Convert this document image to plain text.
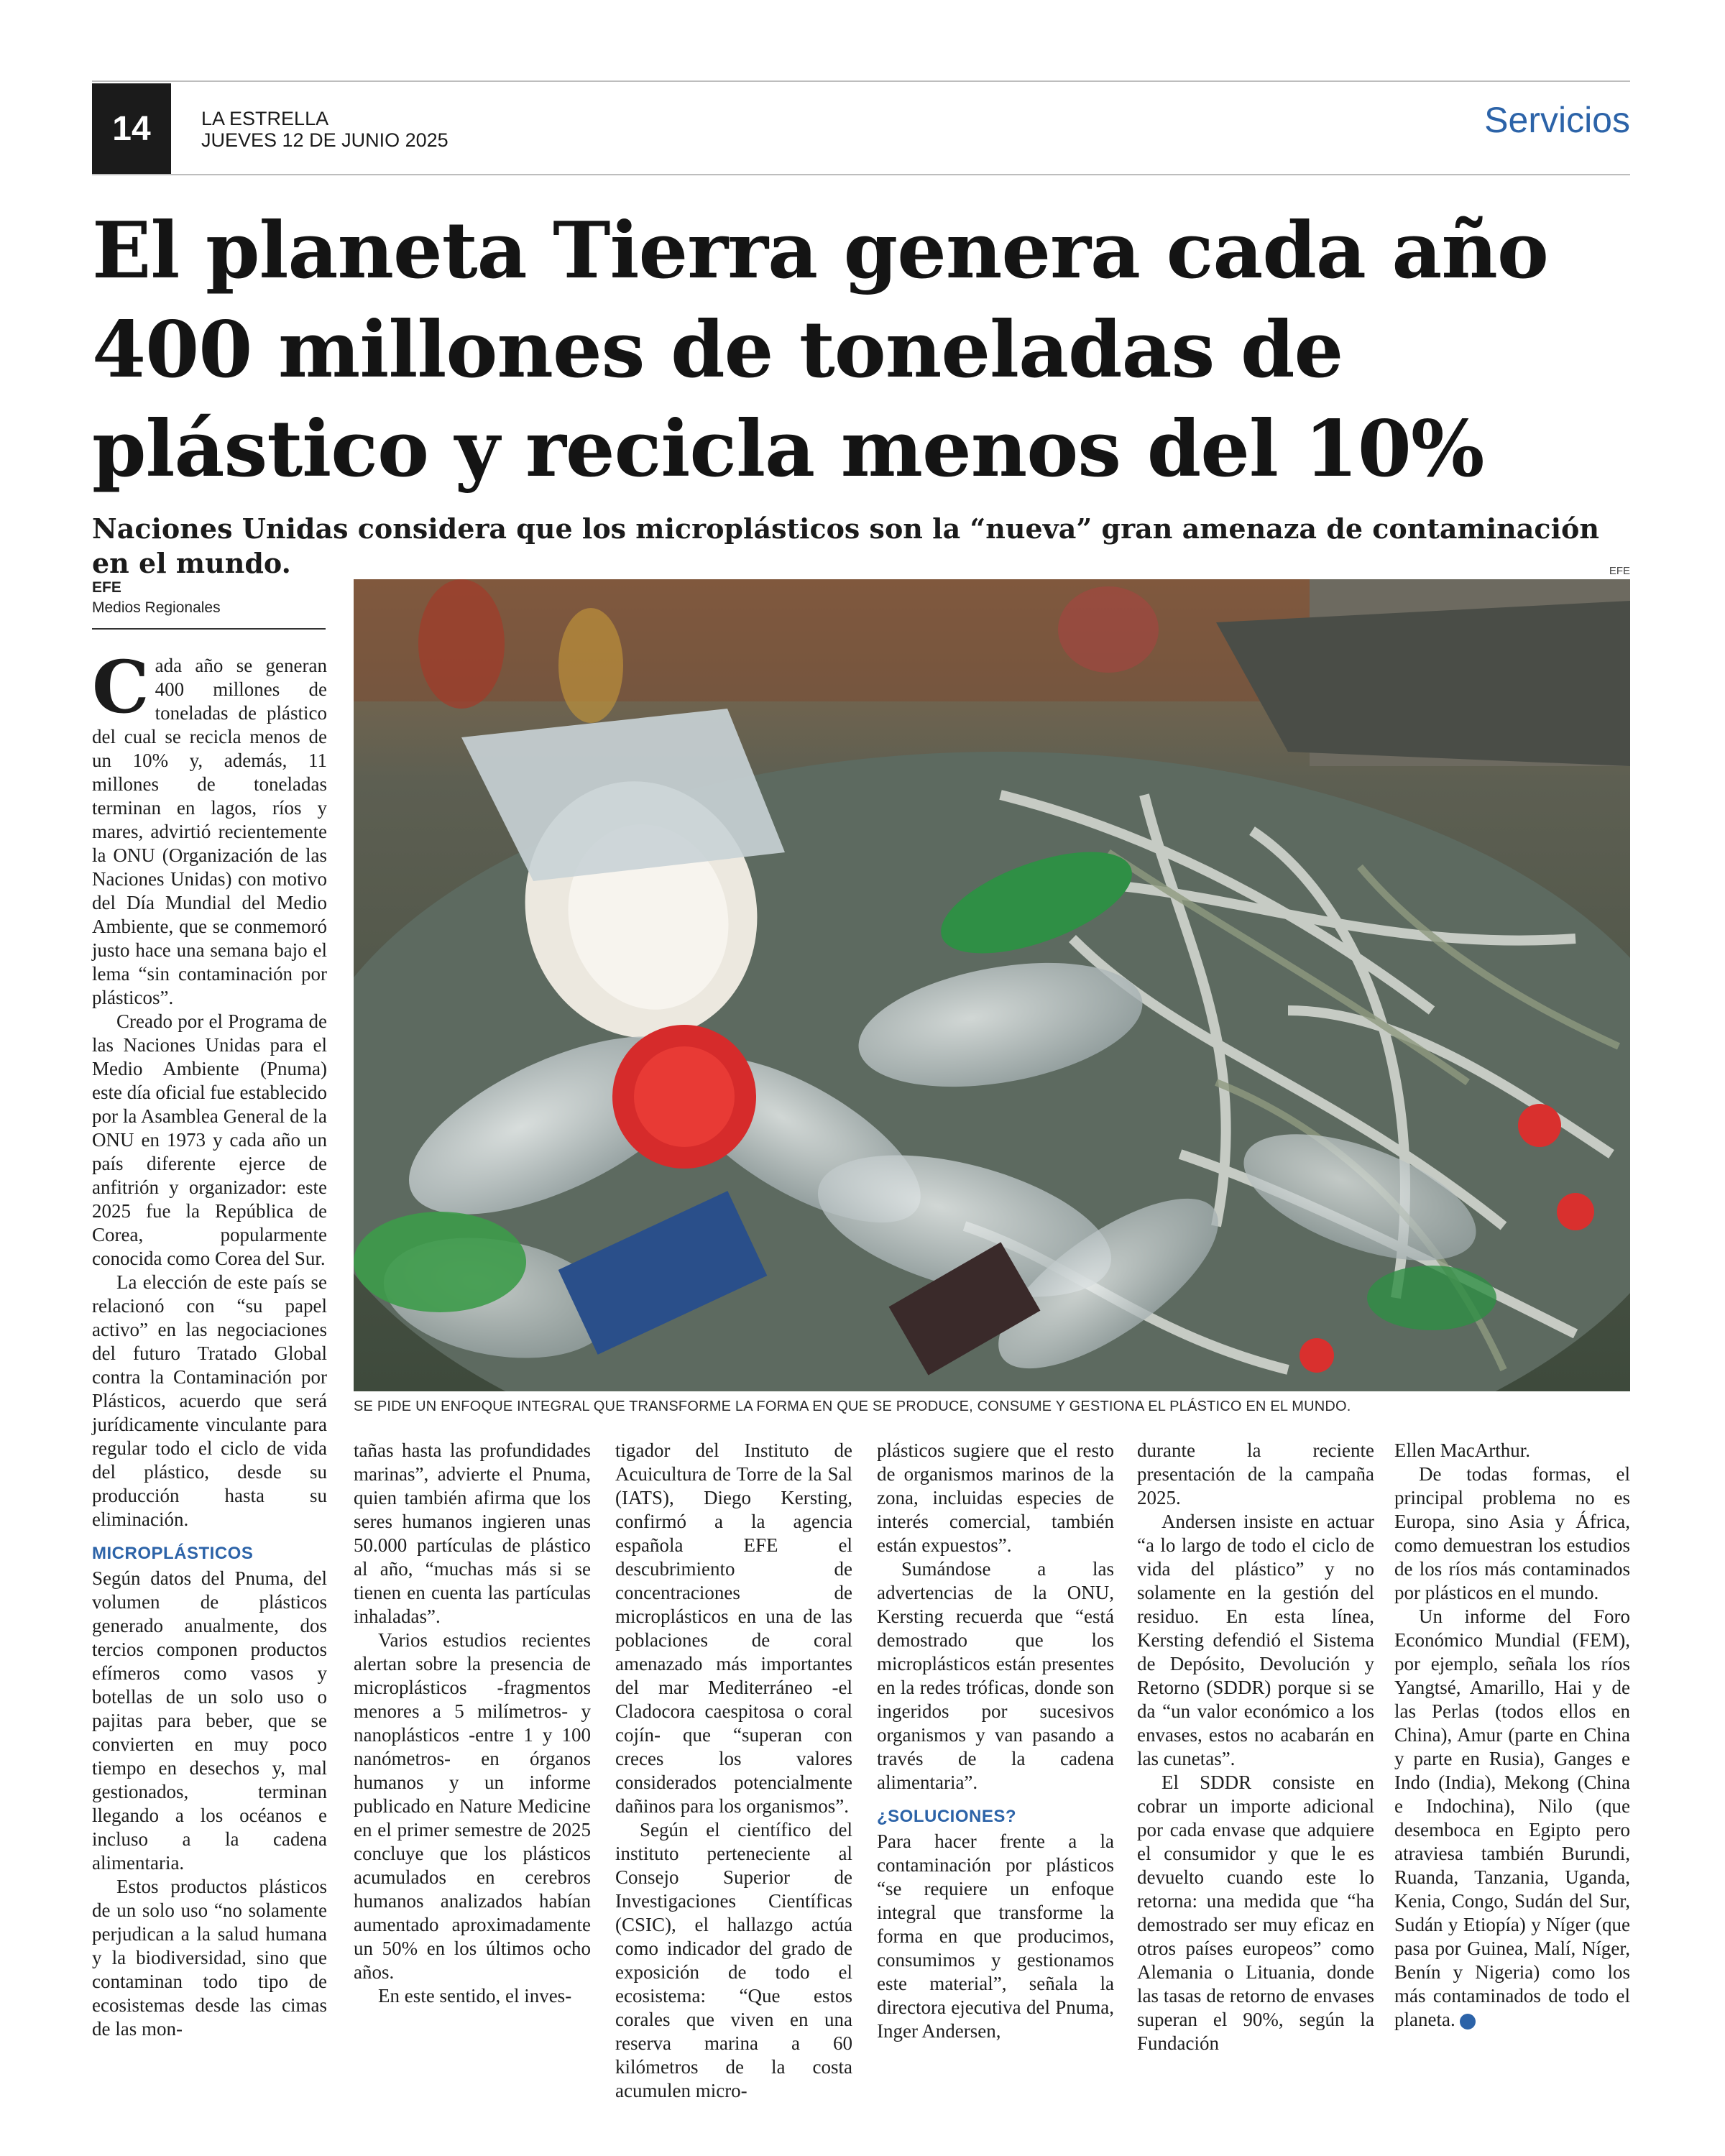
14	LA ESTRELLA
JUEVES 12 DE JUNIO 2025	Servicios
El planeta Tierra genera cada año 400 millones de toneladas de plástico y recicla menos del 10%
Naciones Unidas considera que los microplásticos son la “nueva” gran amenaza de contaminación en el mundo.
EFE
Medios Regionales
EFE
SE PIDE UN ENFOQUE INTEGRAL QUE TRANSFORME LA FORMA EN QUE SE PRODUCE, CONSUME Y GESTIONA EL PLÁSTICO EN EL MUNDO.

Cada año se generan 400 millones de toneladas de plástico del cual se recicla menos de un 10% y, además, 11 millones de toneladas terminan en lagos, ríos y mares, advirtió recientemente la ONU (Organización de las Naciones Unidas) con motivo del Día Mundial del Medio Ambiente, que se conmemoró justo hace una semana bajo el lema “sin contaminación por plásticos”.

Creado por el Programa de las Naciones Unidas para el Medio Ambiente (Pnuma) este día oficial fue establecido por la Asamblea General de la ONU en 1973 y cada año un país diferente ejerce de anfitrión y organizador: este 2025 fue la República de Corea, popularmente conocida como Corea del Sur.

La elección de este país se relacionó con “su papel activo” en las negociaciones del futuro Tratado Global contra la Contaminación por Plásticos, acuerdo que será jurídicamente vinculante para regular todo el ciclo de vida del plástico, desde su producción hasta su eliminación.

MICROPLÁSTICOS

Según datos del Pnuma, del volumen de plásticos generado anualmente, dos tercios componen productos efímeros como vasos y botellas de un solo uso o pajitas para beber, que se convierten en muy poco tiempo en desechos y, mal gestionados, terminan llegando a los océanos e incluso a la cadena alimentaria.

Estos productos plásticos de un solo uso “no solamente perjudican a la salud humana y la biodiversidad, sino que contaminan todo tipo de ecosistemas desde las cimas de las mon-

tañas hasta las profundidades marinas”, advierte el Pnuma, quien también afirma que los seres humanos ingieren unas 50.000 partículas de plástico al año, “muchas más si se tienen en cuenta las partículas inhaladas”.

Varios estudios recientes alertan sobre la presencia de microplásticos -fragmentos menores a 5 milímetros- y nanoplásticos -entre 1 y 100 nanómetros- en órganos humanos y un informe publicado en Nature Medicine en el primer semestre de 2025 concluye que los plásticos acumulados en cerebros humanos analizados habían aumentado aproximadamente un 50% en los últimos ocho años.

En este sentido, el inves-

tigador del Instituto de Acuicultura de Torre de la Sal (IATS), Diego Kersting, confirmó a la agencia española EFE el descubrimiento de concentraciones de microplásticos en una de las poblaciones de coral amenazado más importantes del mar Mediterráneo -el Cladocora caespitosa o coral cojín- que “superan con creces los valores considerados potencialmente dañinos para los organismos”.

Según el científico del instituto perteneciente al Consejo Superior de Investigaciones Científicas (CSIC), el hallazgo actúa como indicador del grado de exposición de todo el ecosistema: “Que estos corales que viven en una reserva marina a 60 kilómetros de la costa acumulen micro-

plásticos sugiere que el resto de organismos marinos de la zona, incluidas especies de interés comercial, también están expuestos”.

Sumándose a las advertencias de la ONU, Kersting recuerda que “está demostrado que los microplásticos están presentes en la redes tróficas, donde son ingeridos por sucesivos organismos y van pasando a través de la cadena alimentaria”.

¿SOLUCIONES?

Para hacer frente a la contaminación por plásticos “se requiere un enfoque integral que transforme la forma en que producimos, consumimos y gestionamos este material”, señala la directora ejecutiva del Pnuma, Inger Andersen,

durante la reciente presentación de la campaña 2025.

Andersen insiste en actuar “a lo largo de todo el ciclo de vida del plástico” y no solamente en la gestión del residuo. En esta línea, Kersting defendió el Sistema de Depósito, Devolución y Retorno (SDDR) porque si se da “un valor económico a los envases, estos no acabarán en las cunetas”.

El SDDR consiste en cobrar un importe adicional por cada envase que adquiere el consumidor y que le es devuelto cuando este lo retorna: una medida que “ha demostrado ser muy eficaz en otros países europeos” como Alemania o Lituania, donde las tasas de retorno de envases superan el 90%, según la Fundación

Ellen MacArthur.

De todas formas, el principal problema no es Europa, sino Asia y África, como demuestran los estudios de los ríos más contaminados por plásticos en el mundo.

Un informe del Foro Económico Mundial (FEM), por ejemplo, señala los ríos Yangtsé, Amarillo, Hai y de las Perlas (todos ellos en China), Amur (parte en China y parte en Rusia), Ganges e Indo (India), Mekong (China e Indochina), Nilo (que desemboca en Egipto pero atraviesa también Burundi, Ruanda, Tanzania, Uganda, Kenia, Congo, Sudán del Sur, Sudán y Etiopía) y Níger (que pasa por Guinea, Malí, Níger, Benín y Nigeria) como los más contaminados de todo el planeta.	✿
